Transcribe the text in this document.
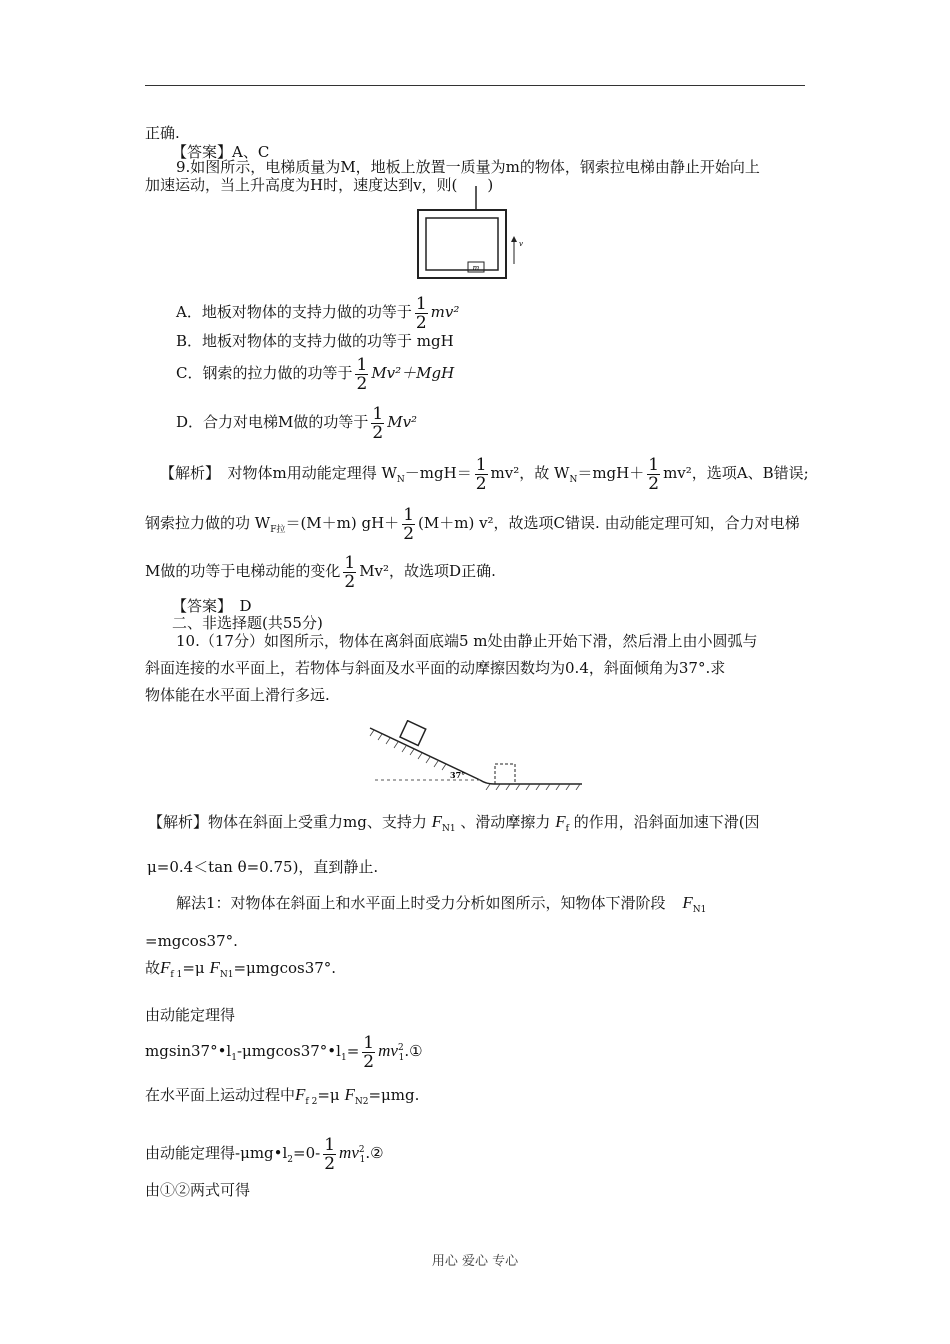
正确.
【答案】A、C
9.如图所示，电梯质量为M，地板上放置一质量为m的物体，钢索拉电梯由静止开始向上
加速运动，当上升高度为H时，速度达到v，则(　　)
m
v
A．地板对物体的支持力做的功等于 $\frac{1}{2} mv^2$
B．地板对物体的支持力做的功等于 mgH
C．钢索的拉力做的功等于 $\frac{1}{2} Mv^2+MgH$
D．合力对电梯M做的功等于 $\frac{1}{2} Mv^2$
【解析】　对物体m用动能定理得 $W_N-mgH= \frac{1}{2} mv^2$，故 $W_N=mgH+ \frac{1}{2} mv^2$，选项A、B错误;
钢索拉力做的功 $W_{F拉}=(M+m)$ $gH+ \frac{1}{2} (M+m)$ v²，故选项C错误. 由动能定理可知，合力对电梯
M做的功等于电梯动能的变化 $\frac{1}{2} Mv^2$，故选项D正确.
【答案】　D
二、非选择题(共55分)
10.（17分）如图所示，物体在离斜面底端5 m处由静止开始下滑，然后滑上由小圆弧与
斜面连接的水平面上，若物体与斜面及水平面的动摩擦因数均为0.4，斜面倾角为37°.求
物体能在水平面上滑行多远.
37°
【解析】物体在斜面上受重力mg、支持力 $F_{N1}$ 、滑动摩擦力 $F_f$ 的作用，沿斜面加速下滑(因
μ=0.4＜tan θ=0.75)，直到静止.
解法1：对物体在斜面上和水平面上时受力分析如图所示，知物体下滑阶段 $F_{N1}$
=mgcos37°.
故$F_{f 1}=\mu$ $F_{N1}=\mu mgcos37^\circ$.
由动能定理得
$mgsin37^\circ•l_1-\mu mgcos37^\circ•l_1= \frac{1}{2}$ $mv^2_1.①$
在水平面上运动过程中$F_{f 2}=\mu$ $F_{N2}=\mu mg$.
由动能定理得$-\mu mg•l_2=0- \frac{1}{2}$ $mv^2_1.②$
由①②两式可得
用心 爱心 专心
